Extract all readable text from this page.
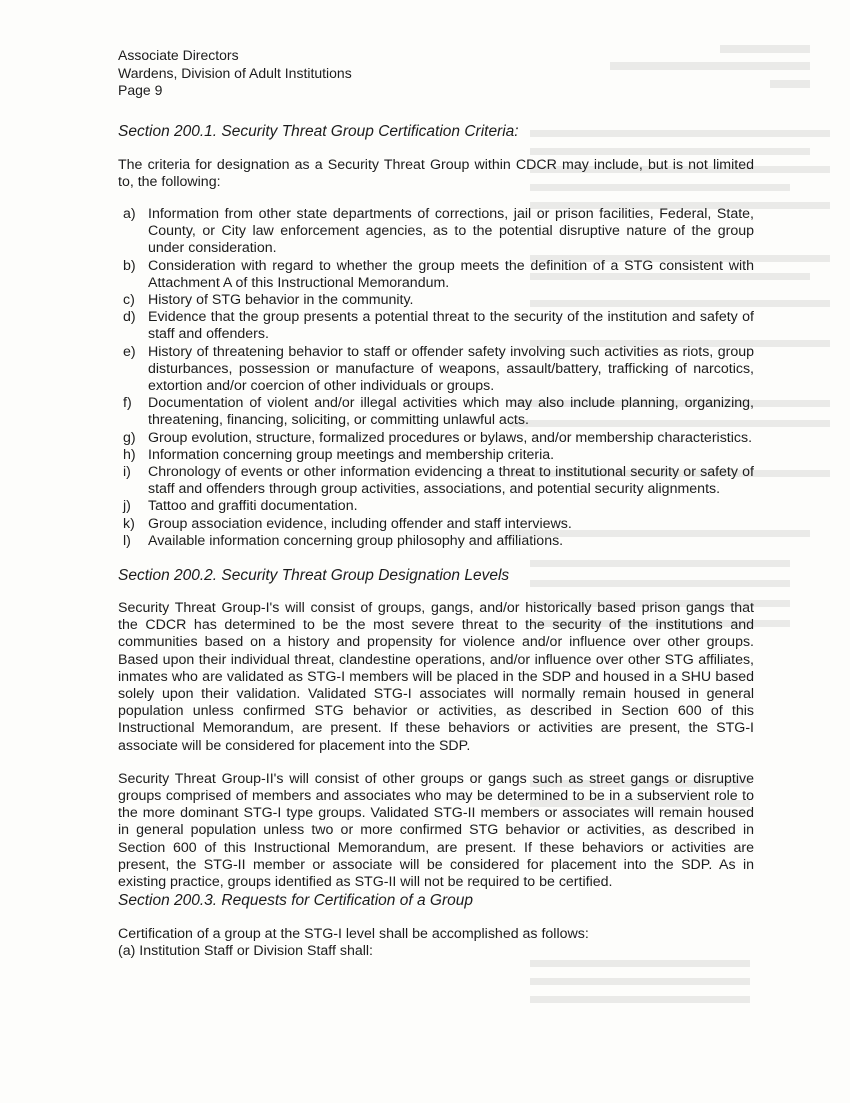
Associate Directors

Wardens, Division of Adult Institutions

Page 9

Section 200.1. Security Threat Group Certification Criteria:

The criteria for designation as a Security Threat Group within CDCR may include, but is not limited to, the following:

a) Information from other state departments of corrections, jail or prison facilities, Federal, State, County, or City law enforcement agencies, as to the potential disruptive nature of the group under consideration.
b) Consideration with regard to whether the group meets the definition of a STG consistent with Attachment A of this Instructional Memorandum.
c) History of STG behavior in the community.
d) Evidence that the group presents a potential threat to the security of the institution and safety of staff and offenders.
e) History of threatening behavior to staff or offender safety involving such activities as riots, group disturbances, possession or manufacture of weapons, assault/battery, trafficking of narcotics, extortion and/or coercion of other individuals or groups.
f) Documentation of violent and/or illegal activities which may also include planning, organizing, threatening, financing, soliciting, or committing unlawful acts.
g) Group evolution, structure, formalized procedures or bylaws, and/or membership characteristics.
h) Information concerning group meetings and membership criteria.
i) Chronology of events or other information evidencing a threat to institutional security or safety of staff and offenders through group activities, associations, and potential security alignments.
j) Tattoo and graffiti documentation.
k) Group association evidence, including offender and staff interviews.
l) Available information concerning group philosophy and affiliations.

Section 200.2. Security Threat Group Designation Levels

Security Threat Group-I's will consist of groups, gangs, and/or historically based prison gangs that the CDCR has determined to be the most severe threat to the security of the institutions and communities based on a history and propensity for violence and/or influence over other groups. Based upon their individual threat, clandestine operations, and/or influence over other STG affiliates, inmates who are validated as STG-I members will be placed in the SDP and housed in a SHU based solely upon their validation. Validated STG-I associates will normally remain housed in general population unless confirmed STG behavior or activities, as described in Section 600 of this Instructional Memorandum, are present. If these behaviors or activities are present, the STG-I associate will be considered for placement into the SDP.

Security Threat Group-II's will consist of other groups or gangs such as street gangs or disruptive groups comprised of members and associates who may be determined to be in a subservient role to the more dominant STG-I type groups. Validated STG-II members or associates will remain housed in general population unless two or more confirmed STG behavior or activities, as described in Section 600 of this Instructional Memorandum, are present. If these behaviors or activities are present, the STG-II member or associate will be considered for placement into the SDP. As in existing practice, groups identified as STG-II will not be required to be certified.

Section 200.3. Requests for Certification of a Group

Certification of a group at the STG-I level shall be accomplished as follows:

(a) Institution Staff or Division Staff shall:
